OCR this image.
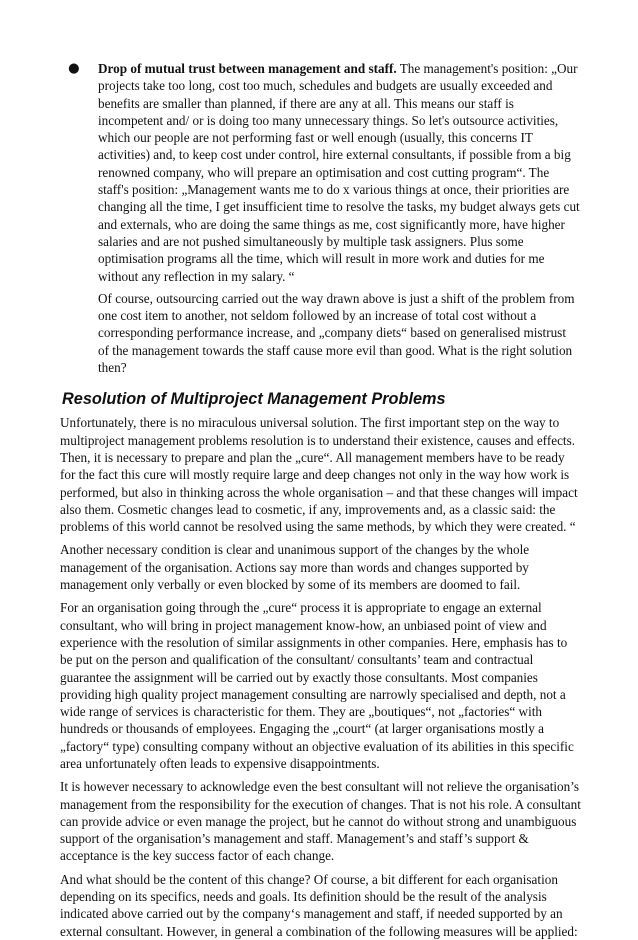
● Drop of mutual trust between management and staff. The management's position: „Our projects take too long, cost too much, schedules and budgets are usually exceeded and benefits are smaller than planned, if there are any at all. This means our staff is incompetent and/ or is doing too many unnecessary things. So let's outsource activities, which our people are not performing fast or well enough (usually, this concerns IT activities) and, to keep cost under control, hire external consultants, if possible from a big renowned company, who will prepare an optimisation and cost cutting program“. The staff's position: „Management wants me to do x various things at once, their priorities are changing all the time, I get insufficient time to resolve the tasks, my budget always gets cut and externals, who are doing the same things as me, cost significantly more, have higher salaries and are not pushed simultaneously by multiple task assigners. Plus some optimisation programs all the time, which will result in more work and duties for me without any reflection in my salary. “

Of course, outsourcing carried out the way drawn above is just a shift of the problem from one cost item to another, not seldom followed by an increase of total cost without a corresponding performance increase, and „company diets“ based on generalised mistrust of the management towards the staff cause more evil than good. What is the right solution then?

Resolution of Multiproject Management Problems

Unfortunately, there is no miraculous universal solution. The first important step on the way to multiproject management problems resolution is to understand their existence, causes and effects. Then, it is necessary to prepare and plan the „cure“. All management members have to be ready for the fact this cure will mostly require large and deep changes not only in the way how work is performed, but also in thinking across the whole organisation – and that these changes will impact also them. Cosmetic changes lead to cosmetic, if any, improvements and, as a classic said: the problems of this world cannot be resolved using the same methods, by which they were created. “

Another necessary condition is clear and unanimous support of the changes by the whole management of the organisation. Actions say more than words and changes supported by management only verbally or even blocked by some of its members are doomed to fail.

For an organisation going through the „cure“ process it is appropriate to engage an external consultant, who will bring in project management know-how, an unbiased point of view and experience with the resolution of similar assignments in other companies. Here, emphasis has to be put on the person and qualification of the consultant/ consultants’ team and contractual guarantee the assignment will be carried out by exactly those consultants. Most companies providing high quality project management consulting are narrowly specialised and depth, not a wide range of services is characteristic for them. They are „boutiques“, not „factories“ with hundreds or thousands of employees. Engaging the „court“ (at larger organisations mostly a „factory“ type) consulting company without an objective evaluation of its abilities in this specific area unfortunately often leads to expensive disappointments.

It is however necessary to acknowledge even the best consultant will not relieve the organisation’s management from the responsibility for the execution of changes. That is not his role. A consultant can provide advice or even manage the project, but he cannot do without strong and unambiguous support of the organisation’s management and staff. Management’s and staff’s support & acceptance is the key success factor of each change.

And what should be the content of this change? Of course, a bit different for each organisation depending on its specifics, needs and goals. Its definition should be the result of the analysis indicated above carried out by the company‘s management and staff, if needed supported by an external consultant. However, in general a combination of the following measures will be applied:
